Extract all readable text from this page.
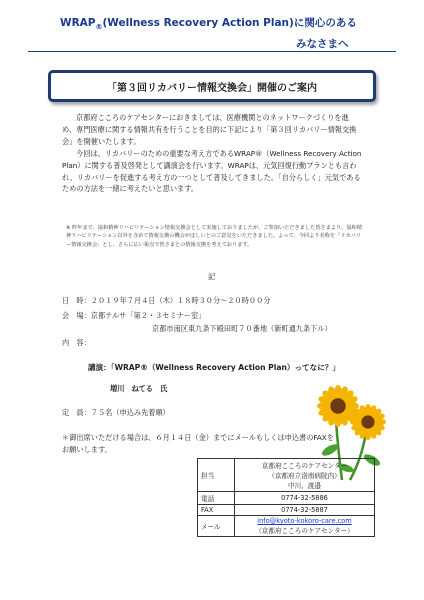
$WRAP_®(Wellness$ Recovery Action Plan)に関心のある
みなさまへ
「第３回リカバリー情報交換会」開催のご案内
京都府こころのケアセンターにおきましては、医療機関とのネットワークづくりを進め、専門医療に関する情報共有を行うことを目的に下記により「第３回リカバリー情報交換会」を開催いたします。
今回は、リカバリーのための重要な考え方であるWRAP®（Wellness Recovery Action Plan）に関する普及啓発として講演会を行います。WRAPは、元気回復行動プランとも言われ、リカバリーを促進する考え方の一つとして普及してきました。「自分らしく」元気であるための方法を一緒に考えたいと思います。
※ 昨年まで、協和精神リハビリテーション情報交換会として実施しておりましたが、ご参加いただきました皆さまより、協和精神リハビリテーション以外を含めて情報交換の機会がほしいとのご意見をいただきました。よって、今回より名称を「リカバリー情報交換会」とし、さらに広い視点で皆さまとの情報交換を考えております。
記
日　時：２０１９年７月４日（木）１８時３０分～２０時００分
会　場：京都テルサ「第２・３セミナー室」
京都市南区東九条下殿田町７０番地（新町通九条下ル）
内　容：
講演：「WRAP®（Wellness Recovery Action Plan）ってなに？」
増川　ねてる　氏
定　員：７５名（申込み先着順）
＊御出席いただける場合は、６月１４日（金）までにメールもしくは申込書のFAXをお願いします。
担当	京都府こころのケアセンター
（京都府立洛南病院内）
中川、渡邉

電話	0774-32-5886

FAX	0774-32-5887

メール	info@kyoto-kokoro-care.com
（京都府こころのケアセンター）
